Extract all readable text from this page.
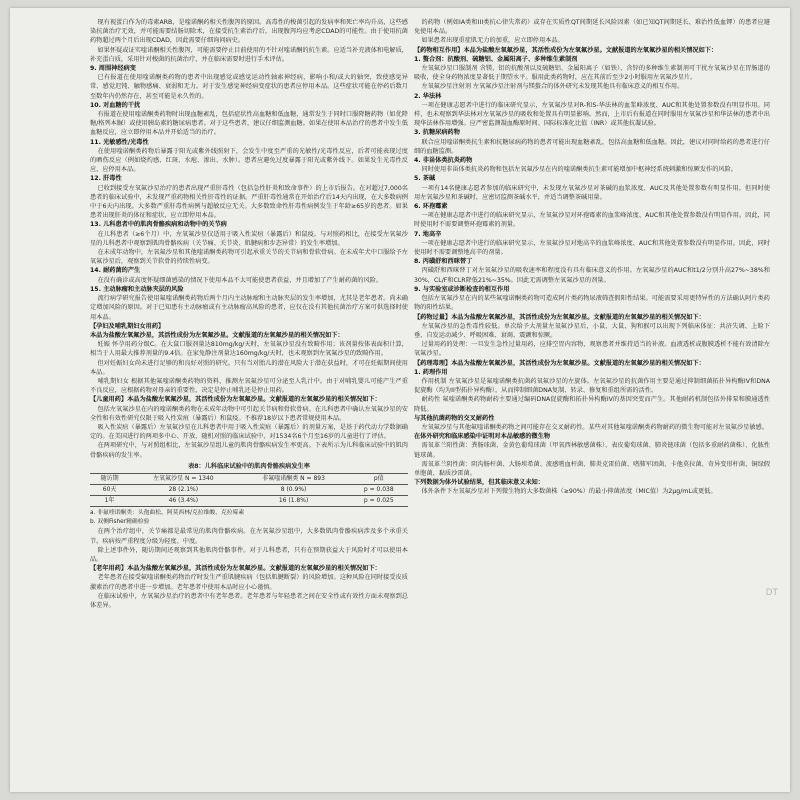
现有视蛋白作为的毒素ARB，是喹诺酮药相关性腹泻的原因。高毒性的梭菌引起的发病率和死亡率均升高，这些感染抗菌治疗无效，并可能需要结肠切除术，在接受抗生素治疗后，出现腹泻均应考虑CDAD的可能性。由于使用抗菌药物超过两个月后出现CDAD，因此需要仔细询问病史。

如果怀疑或证实喹诺酮相关性腹泻，可能需要停止目前使用的不针对喹诺酮的抗生素。应适当补充液体和电解质，补充蛋白质，采用针对梭菌的抗菌治疗，并在临床需要时进行手术评估。

9. 周围神经病变

已有报道在使用喹诺酮类药物的患者中出现感觉或感觉运动性轴索神经病，影响小和/或大的轴突，致使感觉异常、感觉迟钝、触物感痛、衰弱和无力。对于发生感觉神经病变症状的患者应停用本品。这些症状可能在停药后数月至数年内仍然存在，甚至可能是永久性的。

10. 对血糖的干扰

有报道在使用喹诺酮类药物时出现血糖紊乱，包括症状性高血糖和低血糖，通常发生于同时口服降糖药物（如优降糖/格列本脲）或使用胰岛素的糖尿病患者。对于这些患者，建议仔细监测血糖。如果在使用本品治疗的患者中发生低血糖反应，应立即停用本品并开始适当的治疗。

11. 光敏感性/光毒性

在使用喹诺酮类药物后暴露于阳光或紫外线照射下，会发生中度至严重的光敏性/光毒性反应，后者可能表现过度的晒伤反应（例如烧灼感、红斑、水疱、渗出、水肿）。患者应避免过度暴露于阳光或紫外线下。如果发生光毒性反应，应停用本品。

12. 肝毒性

已收到接受左氧氟沙星治疗的患者出现严重肝毒性（包括急性肝炎和致命事件）的上市后报告。在对超过7,000名患者的临床试验中，未发现严重药物相关性肝毒性的证据。严重肝毒性通常在开始治疗后14天内出现，在大多数病例中于6天内出现。大多数严重肝毒性病例与超敏反应无关。大多数致命性肝毒性病例发生于年龄≥65岁的患者。如果患者出现肝炎的体征和症状，应立即停用本品。

13. 儿科患者中的肌肉骨骼疾病和动物中的关节病

在儿科患者（≥6个月）中，左氧氟沙星仅适用于吸入性炭疽（暴露后）和鼠疫。与对照药相比，在接受左氧氟沙星的儿科患者中观察到肌肉骨骼疾病（关节痛、关节炎、肌腱病和步态异常）的发生率增加。

在未成年动物中，左氧氟沙星和其他喹诺酮类药物可引起承重关节的关节病和骨软骨病。在未成年犬中口服给予左氧氟沙星后，观察到关节软骨的持续性病变。

14. 耐药菌的产生

在没有确诊或高度怀疑细菌感染的情况下使用本品不太可能使患者获益，并且增加了产生耐药菌的风险。

15. 主动脉瘤和主动脉夹层的风险

流行病学研究报告使用氟喹诺酮类药物后两个月内主动脉瘤和主动脉夹层的发生率增加，尤其是老年患者。尚未确定增加风险的原因。对于已知患有主动脉瘤或有主动脉瘤高风险的患者，应仅在没有其他抗菌治疗方案可供选择时使用本品。

【孕妇及哺乳期妇女用药】

本品为盐酸左氧氟沙星，其活性成份为左氧氟沙星。文献报道的左氧氟沙星的相关情况如下：

妊娠 怀孕用药分级C。在大鼠口服剂量达810mg/kg/天时，左氧氟沙星没有致畸作用；该剂量按体表面积计算，相当于人用最大推荐剂量的9.4倍。在家兔静注剂量达160mg/kg/天时，也未观察到左氧氟沙星的致畸作用。

但对妊娠妇女尚未进行足够的和良好对照的研究。只有当对胎儿的潜在风险大于潜在获益时，才可在妊娠期间使用本品。

哺乳期妇女 根据其他氟喹诺酮类药物的资料，推测左氧氟沙星可分泌至人乳汁中。由于对哺乳婴儿可能产生严重不良反应，应根据药物对母亲的重要性，决定是停止哺乳还是停止用药。

【儿童用药】本品为盐酸左氧氟沙星，其活性成份为左氧氟沙星。文献报道的左氧氟沙星的相关情况如下：

包括左氧氟沙星在内的喹诺酮类药物在未成年动物中可引起关节病和骨软骨病。在儿科患者中确认左氧氟沙星的安全性和有效性研究仅限于吸入性炭疽（暴露后）和鼠疫。不推荐18岁以下患者常规使用本品。

吸入性炭疽（暴露后）左氧氟沙星在儿科患者中用于吸入性炭疽（暴露后）的剂量方案，是基于药代动力学数据确定的。在美国进行的两项多中心、开放、随机对照的临床试验中，对1534名6个月至16岁的儿童进行了评估。

在两项研究中，与对照组相比，左氧氟沙星组儿童的肌肉骨骼疾病发生率更高。下表所示为儿科临床试验中的肌肉骨骼疾病的发生率。

表8：儿科临床试验中的肌肉骨骼疾病发生率
随访期	左氧氟沙星 N = 1340	非氟喹诺酮类 N = 893	p值
60天	28 (2.1%)	8 (0.9%)	p = 0.038
1年	46 (3.4%)	16 (1.8%)	p = 0.025

a. 非氟喹诺酮类：头孢曲松、阿莫西林/克拉维酸、克拉霉素

b. 双侧Fisher精确检验

在两个治疗组中，关节痛都是最常见的肌肉骨骼疾病。在左氧氟沙星组中，大多数肌肉骨骼疾病涉及多个承重关节。疾病按严重程度分级为轻度、中度。

除上述事件外，随访期间还观察到其他肌肉骨骼事件。对于儿科患者，只有在预期获益大于风险时才可以使用本品。

【老年用药】本品为盐酸左氧氟沙星，其活性成份为左氧氟沙星。文献报道的左氧氟沙星的相关情况如下：

老年患者在接受氟喹诺酮类药物治疗时发生严重肌腱疾病（包括肌腱断裂）的风险增加。这种风险在同时接受皮质激素治疗的患者中进一步增加。老年患者中使用本品时应小心谨慎。

在临床试验中，左氧氟沙星治疗的患者中有老年患者。老年患者与年轻患者之间在安全性或有效性方面未观察到总体差异。

的药物（例如IA类和III类抗心律失常药）或存在实质性QT间期延长风险因素（如已知QT间期延长、难治性低血钾）的患者应避免使用本品。

如果患者出现重症肌无力的加重，应立即停用本品。

【药物相互作用】本品为盐酸左氧氟沙星，其活性成份为左氧氟沙星。文献报道的左氧氟沙星的相关情况如下：

1. 螯合剂：抗酸剂、硫糖铝、金属阳离子、多种维生素制剂

左氧氟沙星口服制剂 含镁、铝的抗酸剂以及硫糖铝、金属阳离子（如铁）、含锌的多种维生素制剂可干扰左氧氟沙星在胃肠道的吸收，使全身药物浓度显著低于期望水平。服用此类药物时，应在其前后至少2小时服用左氧氟沙星片。

左氧氟沙星注射剂 左氧氟沙星注射剂与镁螯合的体外研究未发现其他具有临床意义的相互作用。

2. 华法林

一项在健康志愿者中进行的临床研究显示，左氧氟沙星对R-和S-华法林的血浆峰浓度、AUC和其他处置参数没有明显作用。同样，也未观察到华法林对左氧氟沙星的吸收和处置具有明显影响。然而，上市后有报道在同时服用左氧氟沙星和华法林的患者中出现华法林作用增强。应严密监测凝血酶原时间、国际标准化比值（INR）或其他抗凝试验。

3. 抗糖尿病药物

联合应用喹诺酮类抗生素和抗糖尿病药物的患者可能出现血糖紊乱，包括高血糖和低血糖。因此，建议对同时给药的患者进行仔细的血糖监测。

4. 非甾体类抗炎药物

同时使用非甾体类抗炎药物和包括左氧氟沙星在内的喹诺酮类抗生素可能增加中枢神经系统刺激和惊厥发作的风险。

5. 茶碱

一项有14名健康志愿者参加的临床研究中，未发现左氧氟沙星对茶碱的血浆浓度、AUC及其他处置参数有明显作用。但同时使用左氧氟沙星和茶碱时，应密切监测茶碱水平，并适当调整茶碱用量。

6. 环孢霉素

一项在健康志愿者中进行的临床研究显示，左氧氟沙星对环孢霉素的血浆峰浓度、AUC和其他处置参数没有明显作用。因此，同时使用时不需要调整环孢霉素的剂量。

7. 地高辛

一项在健康志愿者中进行的临床研究显示，左氧氟沙星对地高辛的血浆峰浓度、AUC和其他处置参数没有明显作用。因此，同时使用时不需要调整地高辛的剂量。

8. 丙磺舒和西咪替丁

丙磺舒和西咪替丁对左氧氟沙星的吸收速率和程度没有具有临床意义的作用。左氧氟沙星的AUC和t1/2分别升高27%~38%和30%，CL/F和CLR降低21%~35%。因此无需调整左氧氟沙星的剂量。

9. 与实验室或诊断检查的相互作用

包括左氧氟沙星在内的某些氟喹诺酮类药物可造成阿片类药物尿液筛查假阳性结果。可能需要采用更特异性的方法确认阿片类药物的阳性结果。

【药物过量】本品为盐酸左氧氟沙星，其活性成份为左氧氟沙星。文献报道的左氧氟沙星的相关情况如下：

左氧氟沙星的急性毒性较低。单次给予大剂量左氧氟沙星后，小鼠、大鼠、狗和猴可以出现下列临床体征：共济失调、上睑下垂、自发运动减少、呼吸困难、衰竭、震颤和惊厥。

过量用药的处理：一旦发生急性过量用药，应排空胃内容物，观察患者并维持适当的补液。血液透析或腹膜透析不能有效清除左氧氟沙星。

【药理毒理】本品为盐酸左氧氟沙星，其活性成份为左氧氟沙星。文献报道的左氧氟沙星的相关情况如下：

1. 药理作用

作用机制 左氧氟沙星是氟喹诺酮类抗菌药氧氟沙星的左旋体。左氧氟沙星的抗菌作用主要是通过抑制细菌拓扑异构酶IV和DNA促旋酶（均为II型拓扑异构酶），从而抑制细菌DNA复制、转录、修复和重组所需的活性。

耐药性 氟喹诺酮类药物耐药主要通过编码DNA促旋酶和拓扑异构酶IV的基因突变而产生。其他耐药机制包括外排泵和膜通透性降低。

与其他抗菌药物的交叉耐药性

左氧氟沙星与其他氟喹诺酮类药物之间可能存在交叉耐药性。某些对其他氟喹诺酮类药物耐药的微生物可能对左氧氟沙星敏感。

在体外研究和临床感染中证明对本品敏感的微生物

需氧革兰阳性菌：粪肠球菌、金黄色葡萄球菌（甲氧西林敏感菌株）、表皮葡萄球菌、肺炎链球菌（包括多重耐药菌株）、化脓性链球菌。

需氧革兰阴性菌：阴沟肠杆菌、大肠埃希菌、流感嗜血杆菌、肺炎克雷伯菌、嗜肺军团菌、卡他莫拉菌、奇异变形杆菌、铜绿假单胞菌、黏质沙雷菌。

下列数据为体外试验结果，但其临床意义未知：

体外条件下左氧氟沙星对下列微生物的大多数菌株（≥90%）的最小抑菌浓度（MIC值）为2μg/mL或更低。

DT
